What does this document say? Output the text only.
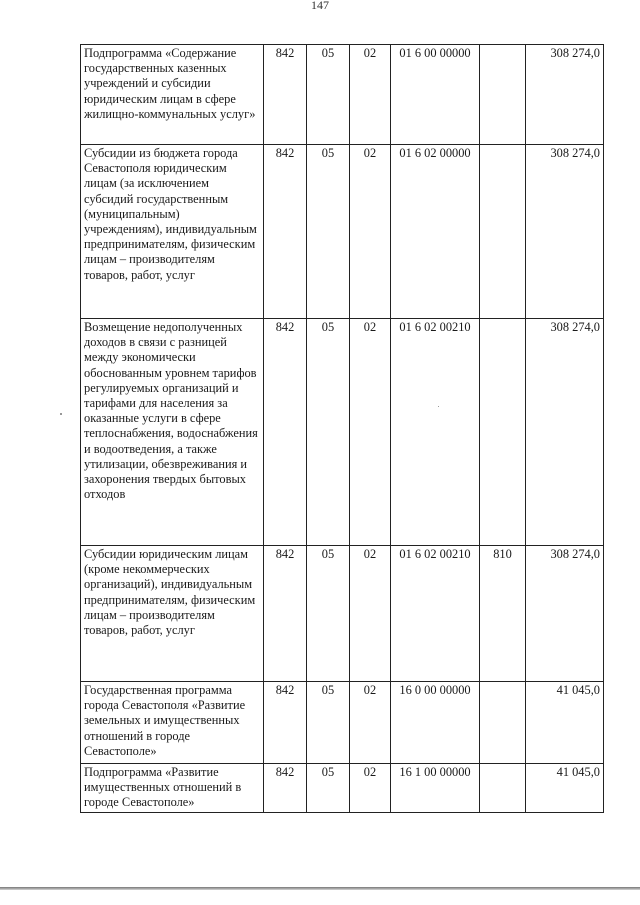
147
Подпрограмма «Содержание государственных казенных учреждений и субсидии юридическим лицам в сфере жилищно-коммунальных услуг»	842	05	02	01 6 00 00000		308 274,0
Субсидии из бюджета города Севастополя юридическим лицам (за исключением субсидий государственным (муниципальным) учреждениям), индивидуальным предпринимателям, физическим лицам – производителям товаров, работ, услуг	842	05	02	01 6 02 00000		308 274,0
Возмещение недополученных доходов в связи с разницей между экономически обоснованным уровнем тарифов регулируемых организаций и тарифами для населения за оказанные услуги в сфере теплоснабжения, водоснабжения и водоотведения, а также утилизации, обезвреживания и захоронения твердых бытовых отходов	842	05	02	01 6 02 00210		308 274,0
Субсидии юридическим лицам (кроме некоммерческих организаций), индивидуальным предпринимателям, физическим лицам – производителям товаров, работ, услуг	842	05	02	01 6 02 00210	810	308 274,0
Государственная программа города Севастополя «Развитие земельных и имущественных отношений в городе Севастополе»	842	05	02	16 0 00 00000		41 045,0
Подпрограмма «Развитие имущественных отношений в городе Севастополе»	842	05	02	16 1 00 00000		41 045,0
